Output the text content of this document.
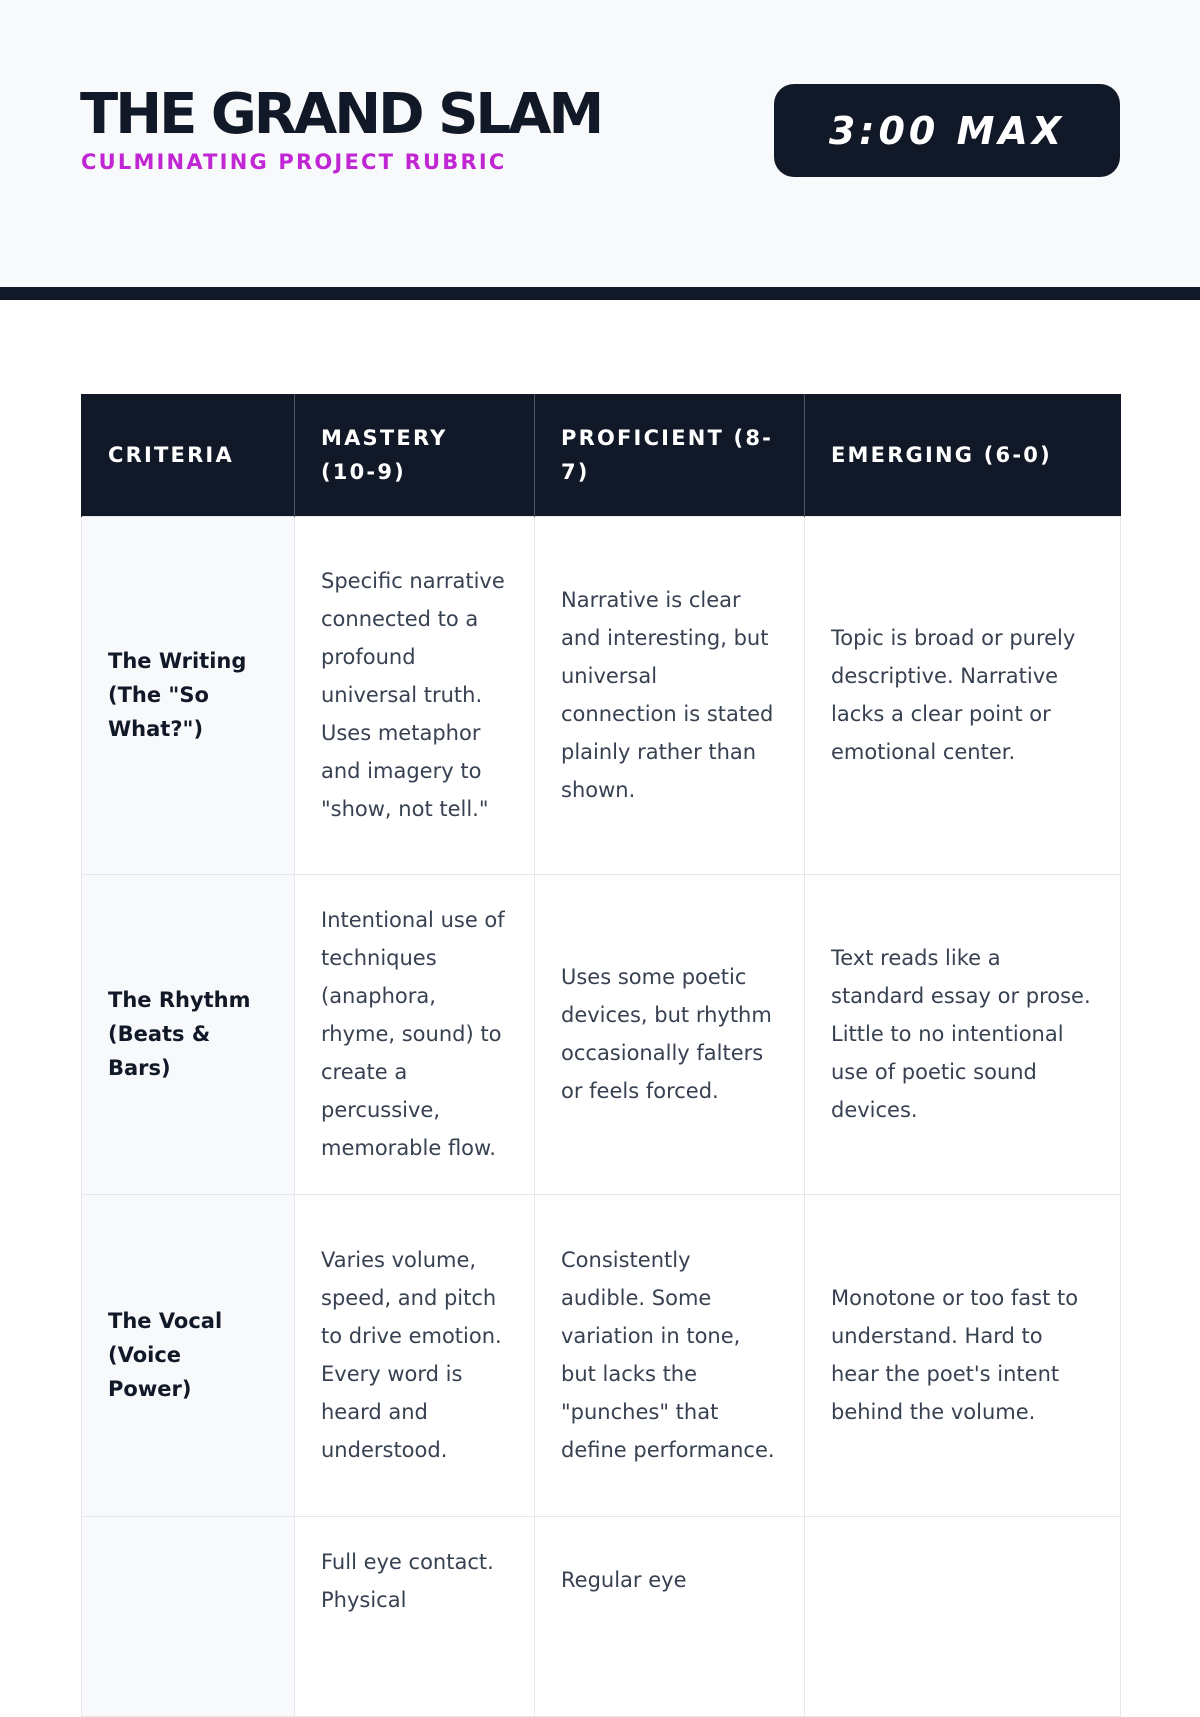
THE GRAND SLAM
CULMINATING PROJECT RUBRIC
3:00 MAX
CRITERIA	MASTERY (10-9)	PROFICIENT (8-7)	EMERGING (6-0)
The Writing (The "So What?")	Specific narrative connected to a profound universal truth. Uses metaphor and imagery to "show, not tell."	Narrative is clear and interesting, but universal connection is stated plainly rather than shown.	Topic is broad or purely descriptive. Narrative lacks a clear point or emotional center.
The Rhythm (Beats & Bars)	Intentional use of techniques (anaphora, rhyme, sound) to create a percussive, memorable flow.	Uses some poetic devices, but rhythm occasionally falters or feels forced.	Text reads like a standard essay or prose. Little to no intentional use of poetic sound devices.
The Vocal (Voice Power)	Varies volume, speed, and pitch to drive emotion. Every word is heard and understood.	Consistently audible. Some variation in tone, but lacks the "punches" that define performance.	Monotone or too fast to understand. Hard to hear the poet's intent behind the volume.
	Full eye contact. Physical	Regular eye	
